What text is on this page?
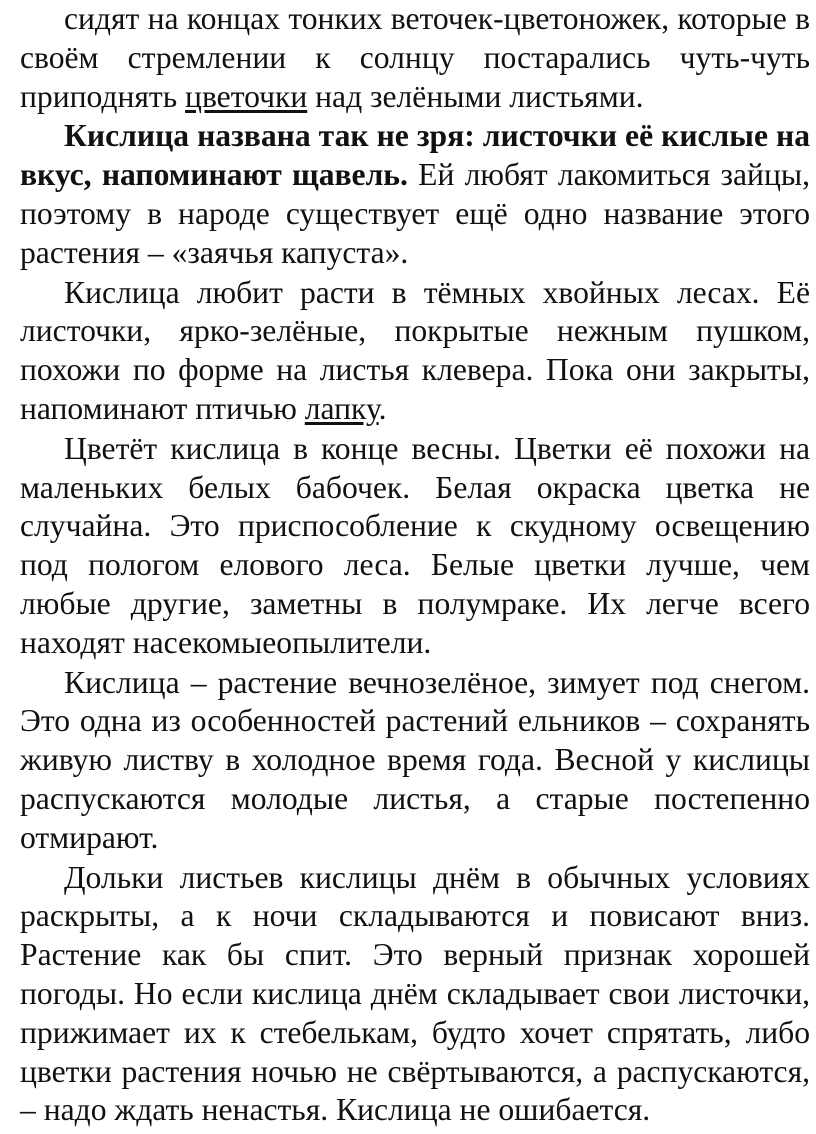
сидят на концах тонких веточек-цветоножек, которые в своём стремлении к солнцу постарались чуть-чуть приподнять цветочки над зелёными листьями.

Кислица названа так не зря: листочки её кислые на вкус, напоминают щавель. Ей любят лакомиться зайцы, поэтому в народе существует ещё одно название этого растения – «заячья капуста».

Кислица любит расти в тёмных хвойных лесах. Её листочки, ярко-зелёные, покрытые нежным пушком, похожи по форме на листья клевера. Пока они закрыты, напоминают птичью лапку.

Цветёт кислица в конце весны. Цветки её похожи на маленьких белых бабочек. Белая окраска цветка не случайна. Это приспособление к скудному освещению под пологом елового леса. Белые цветки лучше, чем любые другие, заметны в полумраке. Их легче всего находят насекомыеопылители.

Кислица – растение вечнозелёное, зимует под снегом. Это одна из особенностей растений ельников – сохранять живую листву в холодное время года. Весной у кислицы распускаются молодые листья, а старые постепенно отмирают.

Дольки листьев кислицы днём в обычных условиях раскрыты, а к ночи складываются и повисают вниз. Растение как бы спит. Это верный признак хорошей погоды. Но если кислица днём складывает свои листочки, прижимает их к стебелькам, будто хочет спрятать, либо цветки растения ночью не свёртываются, а распускаются, – надо ждать ненастья. Кислица не ошибается.
